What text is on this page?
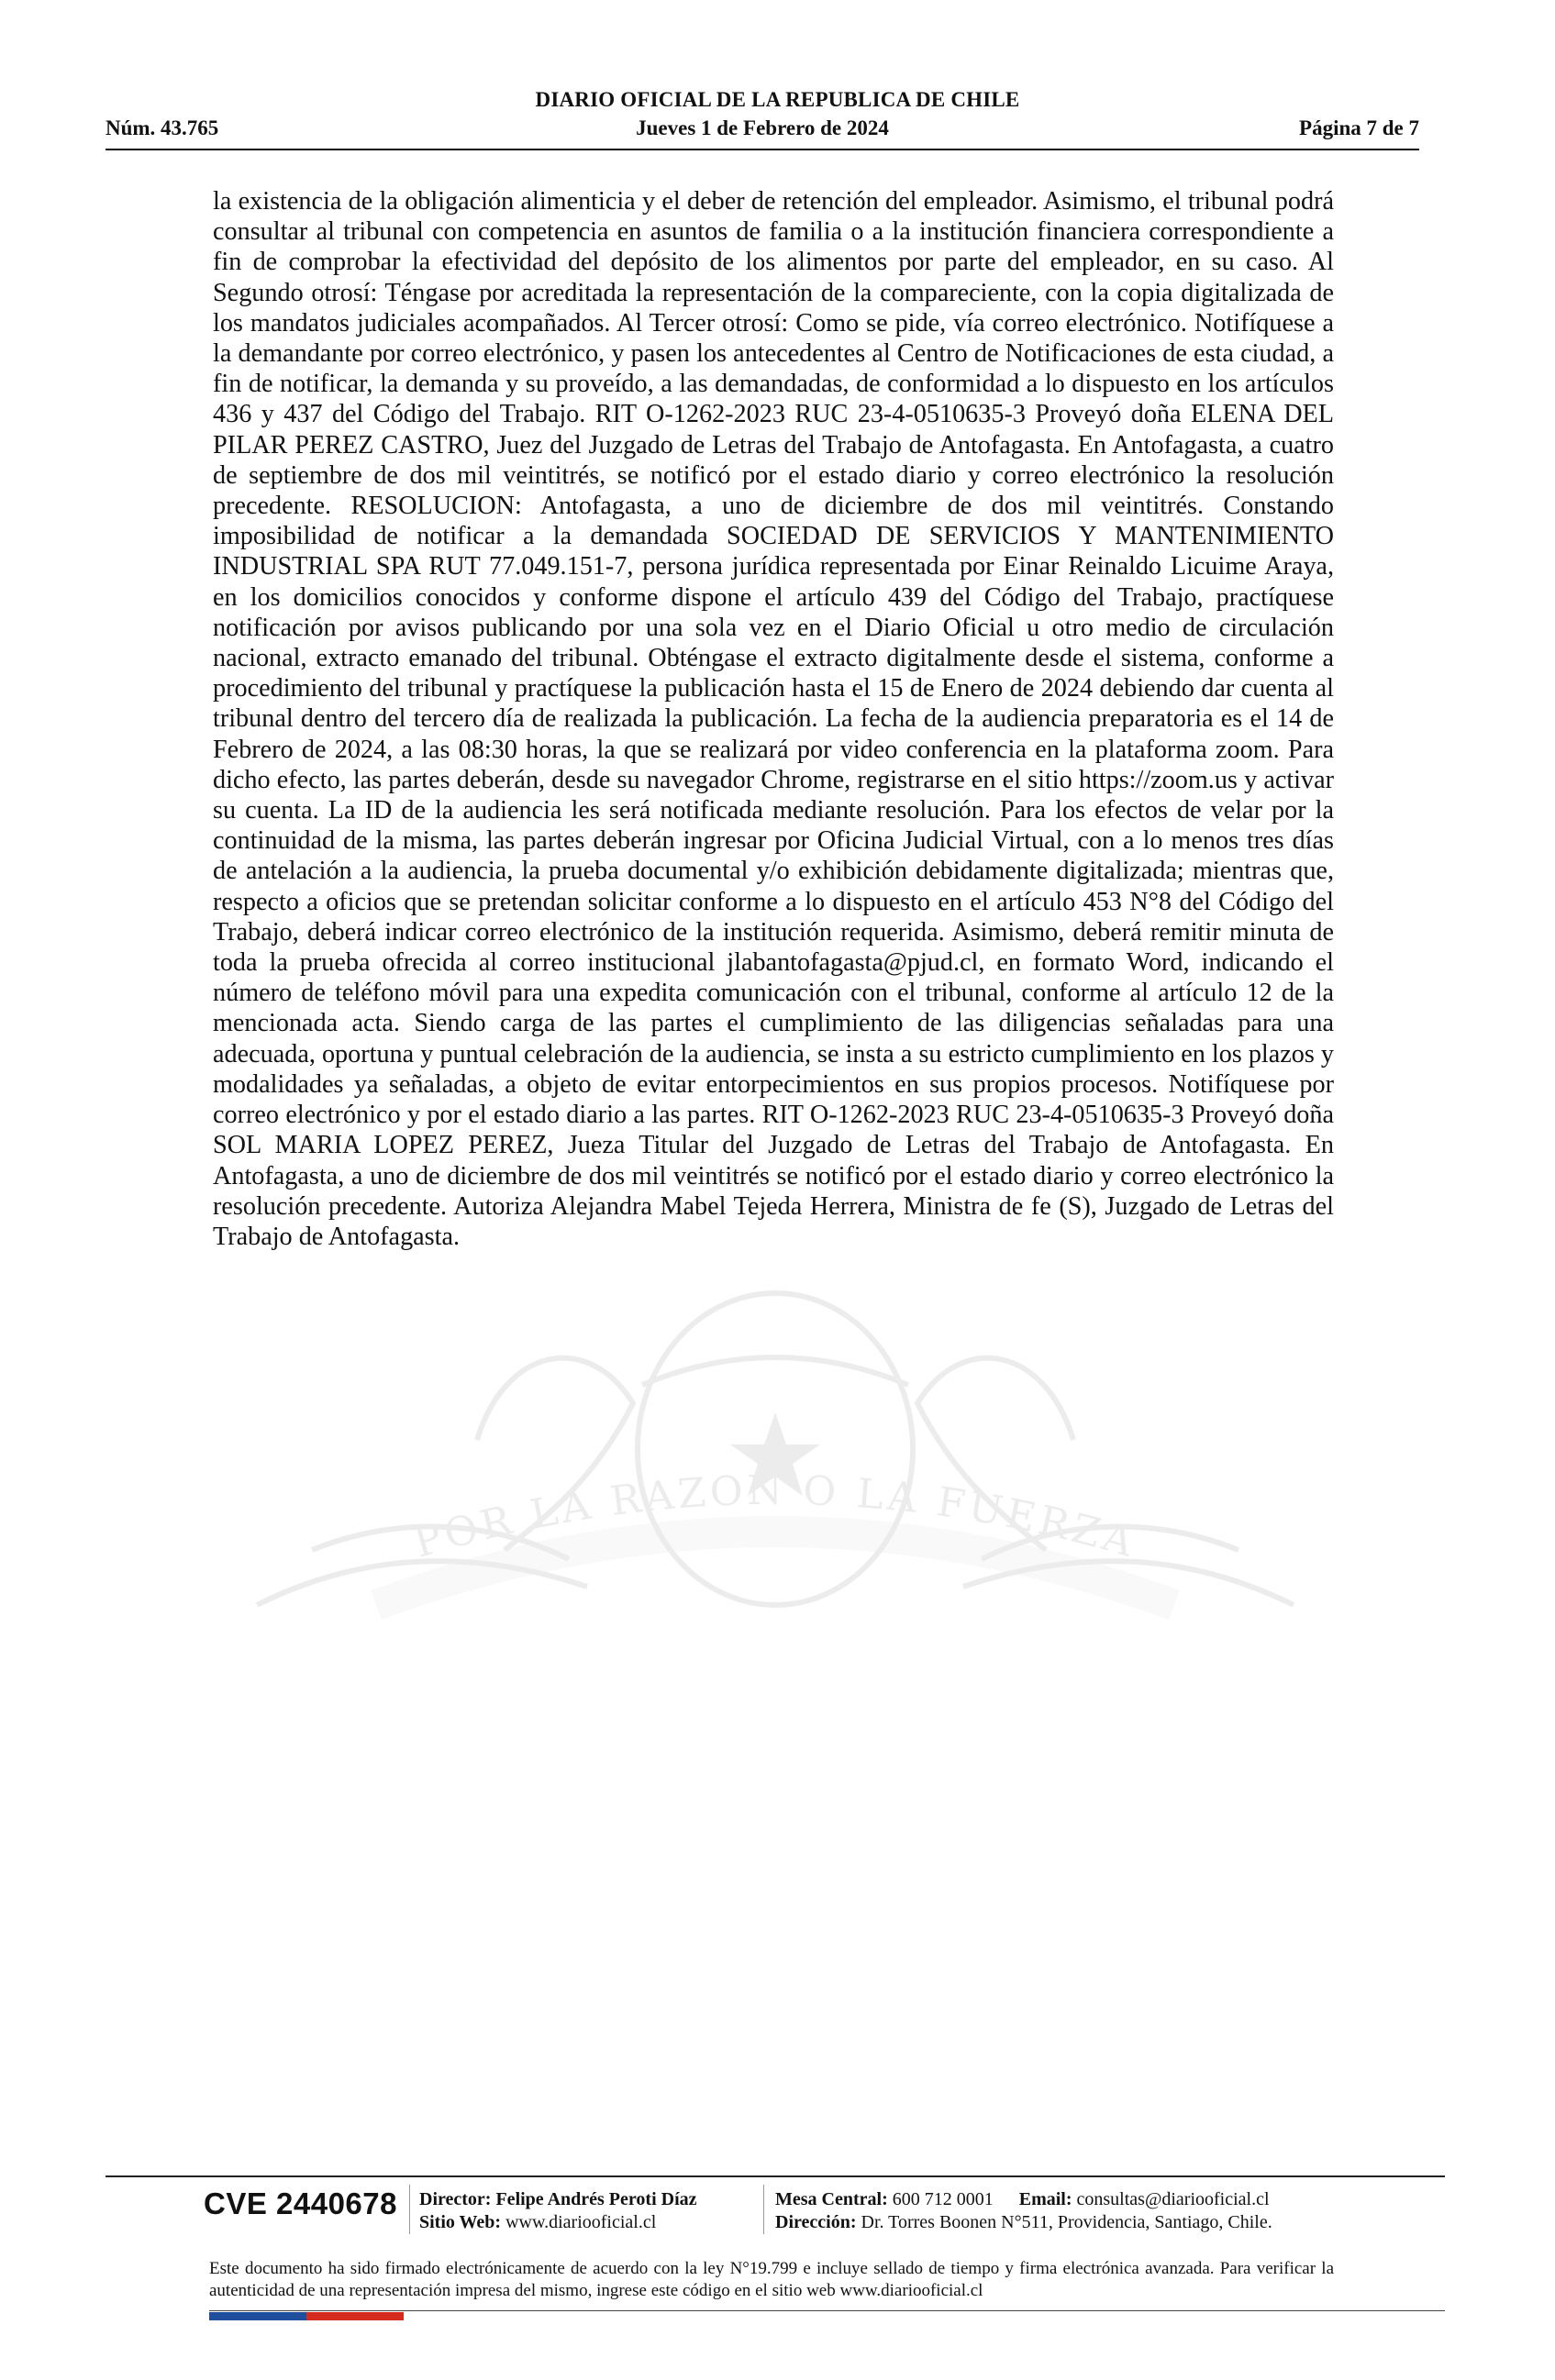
DIARIO OFICIAL DE LA REPUBLICA DE CHILE
Jueves 1 de Febrero de 2024
Núm. 43.765	Página 7 de 7
POR LA RAZON O LA FUERZA
la existencia de la obligación alimenticia y el deber de retención del empleador. Asimismo, el tribunal podrá consultar al tribunal con competencia en asuntos de familia o a la institución financiera correspondiente a fin de comprobar la efectividad del depósito de los alimentos por parte del empleador, en su caso. Al Segundo otrosí: Téngase por acreditada la representación de la compareciente, con la copia digitalizada de los mandatos judiciales acompañados. Al Tercer otrosí: Como se pide, vía correo electrónico. Notifíquese a la demandante por correo electrónico, y pasen los antecedentes al Centro de Notificaciones de esta ciudad, a fin de notificar, la demanda y su proveído, a las demandadas, de conformidad a lo dispuesto en los artículos 436 y 437 del Código del Trabajo. RIT O-1262-2023 RUC 23-4-0510635-3 Proveyó doña ELENA DEL PILAR PEREZ CASTRO, Juez del Juzgado de Letras del Trabajo de Antofagasta. En Antofagasta, a cuatro de septiembre de dos mil veintitrés, se notificó por el estado diario y correo electrónico la resolución precedente. RESOLUCION: Antofagasta, a uno de diciembre de dos mil veintitrés. Constando imposibilidad de notificar a la demandada SOCIEDAD DE SERVICIOS Y MANTENIMIENTO INDUSTRIAL SPA RUT 77.049.151-7, persona jurídica representada por Einar Reinaldo Licuime Araya, en los domicilios conocidos y conforme dispone el artículo 439 del Código del Trabajo, practíquese notificación por avisos publicando por una sola vez en el Diario Oficial u otro medio de circulación nacional, extracto emanado del tribunal. Obténgase el extracto digitalmente desde el sistema, conforme a procedimiento del tribunal y practíquese la publicación hasta el 15 de Enero de 2024 debiendo dar cuenta al tribunal dentro del tercero día de realizada la publicación. La fecha de la audiencia preparatoria es el 14 de Febrero de 2024, a las 08:30 horas, la que se realizará por video conferencia en la plataforma zoom. Para dicho efecto, las partes deberán, desde su navegador Chrome, registrarse en el sitio https://zoom.us y activar su cuenta. La ID de la audiencia les será notificada mediante resolución. Para los efectos de velar por la continuidad de la misma, las partes deberán ingresar por Oficina Judicial Virtual, con a lo menos tres días de antelación a la audiencia, la prueba documental y/o exhibición debidamente digitalizada; mientras que, respecto a oficios que se pretendan solicitar conforme a lo dispuesto en el artículo 453 N°8 del Código del Trabajo, deberá indicar correo electrónico de la institución requerida. Asimismo, deberá remitir minuta de toda la prueba ofrecida al correo institucional jlabantofagasta@pjud.cl, en formato Word, indicando el número de teléfono móvil para una expedita comunicación con el tribunal, conforme al artículo 12 de la mencionada acta. Siendo carga de las partes el cumplimiento de las diligencias señaladas para una adecuada, oportuna y puntual celebración de la audiencia, se insta a su estricto cumplimiento en los plazos y modalidades ya señaladas, a objeto de evitar entorpecimientos en sus propios procesos. Notifíquese por correo electrónico y por el estado diario a las partes. RIT O-1262-2023 RUC 23-4-0510635-3 Proveyó doña SOL MARIA LOPEZ PEREZ, Jueza Titular del Juzgado de Letras del Trabajo de Antofagasta. En Antofagasta, a uno de diciembre de dos mil veintitrés se notificó por el estado diario y correo electrónico la resolución precedente. Autoriza Alejandra Mabel Tejeda Herrera, Ministra de fe (S), Juzgado de Letras del Trabajo de Antofagasta.
CVE 2440678 Director: Felipe Andrés Peroti Díaz
Sitio Web: www.diariooficial.cl
Mesa Central: 600 712 0001 Email: consultas@diariooficial.cl
Dirección: Dr. Torres Boonen N°511, Providencia, Santiago, Chile.
Este documento ha sido firmado electrónicamente de acuerdo con la ley N°19.799 e incluye sellado de tiempo y firma electrónica avanzada. Para verificar la autenticidad de una representación impresa del mismo, ingrese este código en el sitio web www.diariooficial.cl
